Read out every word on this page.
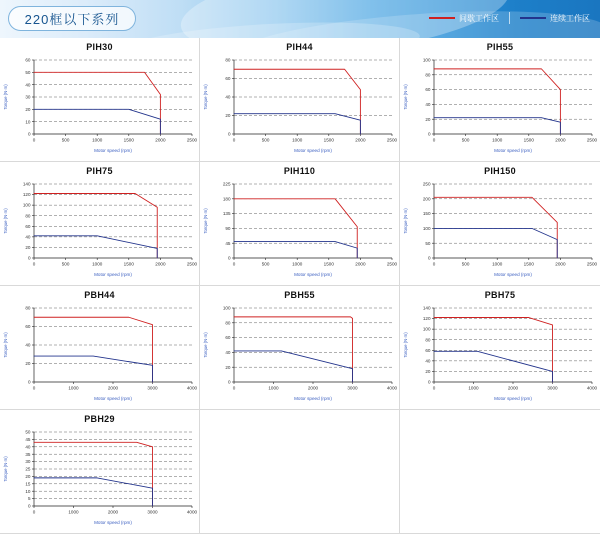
220框以下系列	间歇工作区	连续工作区
PIH30
0
10
20
30
40
50
60
0	500	1000	1500	2000	2500
Motor speed (rpm)
Torque (N·m)
PIH44
0
20
40
60
80
0	500	1000	1500	2000	2500
Motor speed (rpm)
Torque (N·m)
PIH55
0
20
40
60
80
100
0	500	1000	1500	2000	2500
Motor speed (rpm)
Torque (N·m)
PIH75
0
20
40
60
80
100
120
140
0	500	1000	1500	2000	2500
Motor speed (rpm)
Torque (N·m)
PIH110
0
45
90
135
180
225
0	500	1000	1500	2000	2500
Motor speed (rpm)
Torque (N·m)
PIH150
0
50
100
150
200
250
0	500	1000	1500	2000	2500
Motor speed (rpm)
Torque (N·m)
PBH44
0
20
40
60
80
0	1000	2000	3000	4000
Motor speed (rpm)
Torque (N·m)
PBH55
0
20
40
60
80
100
0	1000	2000	3000	4000
Motor speed (rpm)
Torque (N·m)
PBH75
0
20
40
60
80
100
120
140
0	1000	2000	3000	4000
Motor speed (rpm)
Torque (N·m)
PBH29
0
5
10
15
20
25
30
35
40
45
50
0	1000	2000	3000	4000
Motor speed (rpm)
Torque (N·m)
